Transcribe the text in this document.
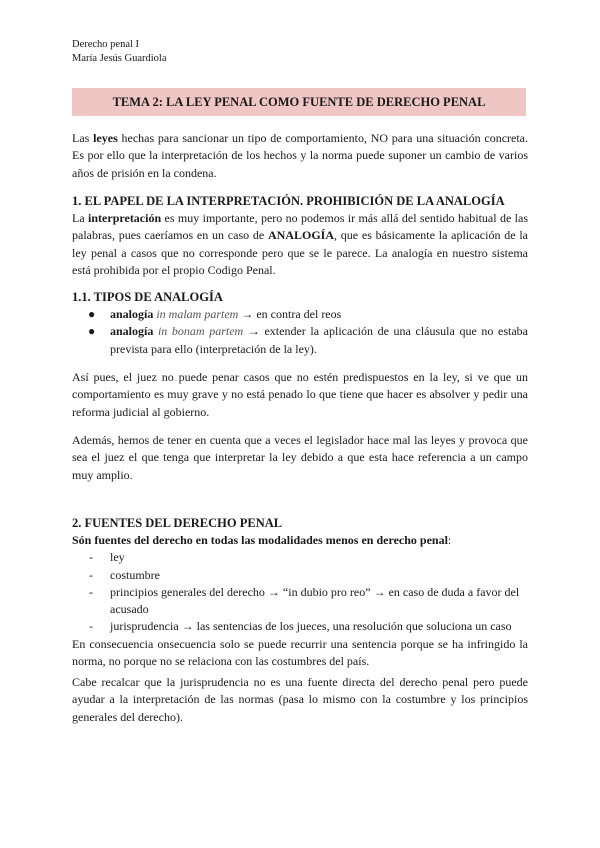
Derecho penal I
María Jesús Guardiola
TEMA 2: LA LEY PENAL COMO FUENTE DE DERECHO PENAL
Las leyes hechas para sancionar un tipo de comportamiento, NO para una situación concreta. Es por ello que la interpretación de los hechos y la norma puede suponer un cambio de varios años de prisión en la condena.
1. EL PAPEL DE LA INTERPRETACIÓN. PROHIBICIÓN DE LA ANALOGÍA
La interpretación es muy importante, pero no podemos ir más allá del sentido habitual de las palabras, pues caeríamos en un caso de ANALOGÍA, que es básicamente la aplicación de la ley penal a casos que no corresponde pero que se le parece. La analogía en nuestro sistema está prohibida por el propio Codigo Penal.
1.1. TIPOS DE ANALOGÍA
● analogía in malam partem → en contra del reos
● analogía in bonam partem → extender la aplicación de una cláusula que no estaba prevista para ello (interpretación de la ley).
Así pues, el juez no puede penar casos que no estén predispuestos en la ley, si ve que un comportamiento es muy grave y no está penado lo que tiene que hacer es absolver y pedir una reforma judicial al gobierno.
Además, hemos de tener en cuenta que a veces el legislador hace mal las leyes y provoca que sea el juez el que tenga que interpretar la ley debido a que esta hace referencia a un campo muy amplio.
2. FUENTES DEL DERECHO PENAL
Són fuentes del derecho en todas las modalidades menos en derecho penal:
- ley
- costumbre
- principios generales del derecho → “in dubio pro reo” → en caso de duda a favor del acusado
- jurisprudencia → las sentencias de los jueces, una resolución que soluciona un caso
En consecuencia onsecuencia solo se puede recurrir una sentencia porque se ha infringido la norma, no porque no se relaciona con las costumbres del país.
Cabe recalcar que la jurisprudencia no es una fuente directa del derecho penal pero puede ayudar a la interpretación de las normas (pasa lo mismo con la costumbre y los principios generales del derecho).
